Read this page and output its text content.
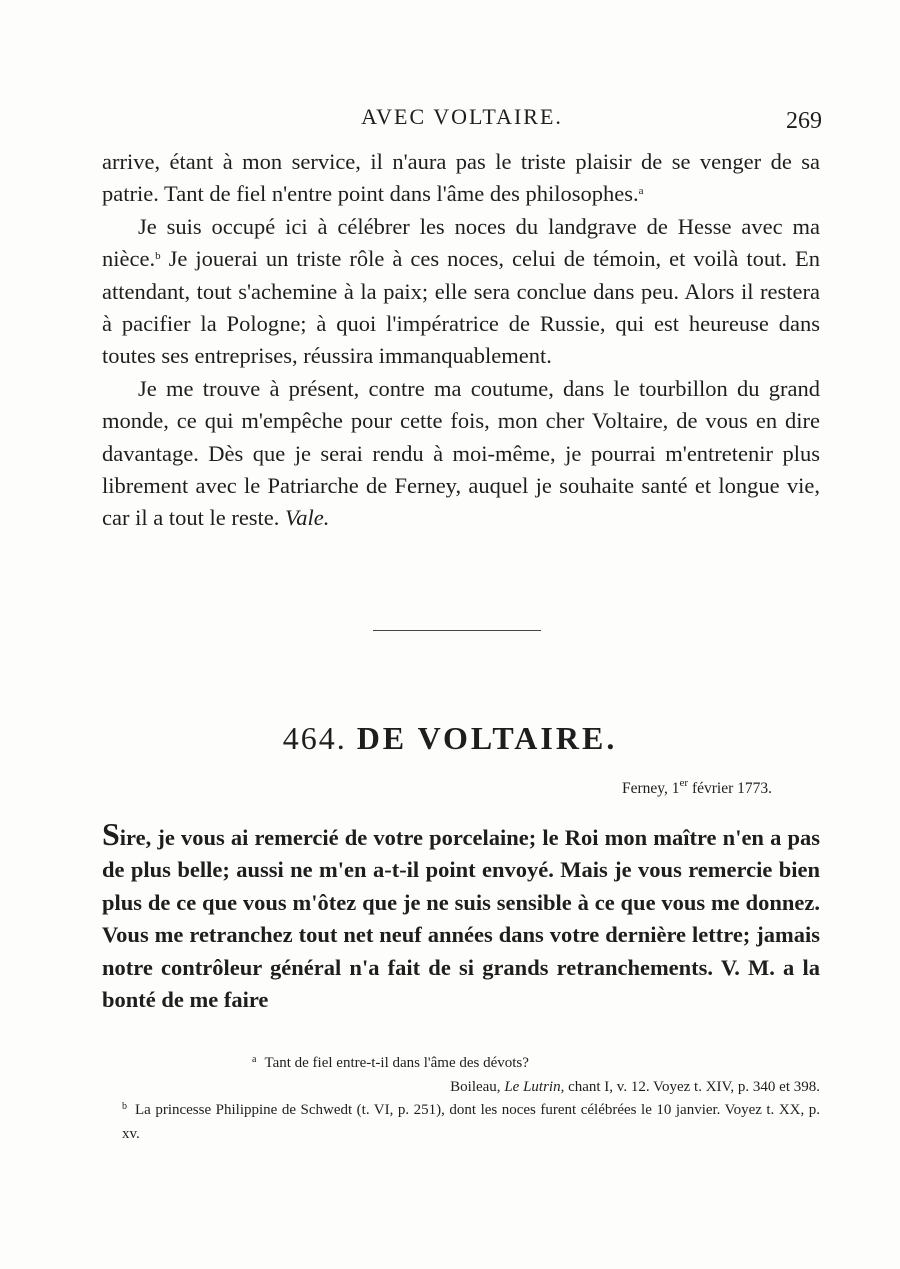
AVEC VOLTAIRE.	269

arrive, étant à mon service, il n'aura pas le triste plaisir de se venger de sa patrie. Tant de fiel n'entre point dans l'âme des philosophes.$^a$

Je suis occupé ici à célébrer les noces du landgrave de Hesse avec ma nièce.$^b$ Je jouerai un triste rôle à ces noces, celui de témoin, et voilà tout. En attendant, tout s'achemine à la paix; elle sera conclue dans peu. Alors il restera à pacifier la Pologne; à quoi l'impératrice de Russie, qui est heureuse dans toutes ses entreprises, réussira immanquablement.

Je me trouve à présent, contre ma coutume, dans le tourbillon du grand monde, ce qui m'empêche pour cette fois, mon cher Voltaire, de vous en dire davantage. Dès que je serai rendu à moi-même, je pourrai m'entretenir plus librement avec le Patriarche de Ferney, auquel je souhaite santé et longue vie, car il a tout le reste. Vale.

464. DE VOLTAIRE.
Ferney, 1er février 1773.

Sire, je vous ai remercié de votre porcelaine; le Roi mon maître n'en a pas de plus belle; aussi ne m'en a-t-il point envoyé. Mais je vous remercie bien plus de ce que vous m'ôtez que je ne suis sensible à ce que vous me donnez. Vous me retranchez tout net neuf années dans votre dernière lettre; jamais notre contrôleur général n'a fait de si grands retranchements. V. M. a la bonté de me faire

$^a$ Tant de fiel entre-t-il dans l'âme des dévots?

Boileau, Le Lutrin, chant I, v. 12. Voyez t. XIV, p. 340 et 398.

$^b$ La princesse Philippine de Schwedt (t. VI, p. 251), dont les noces furent célébrées le 10 janvier. Voyez t. XX, p. xv.
